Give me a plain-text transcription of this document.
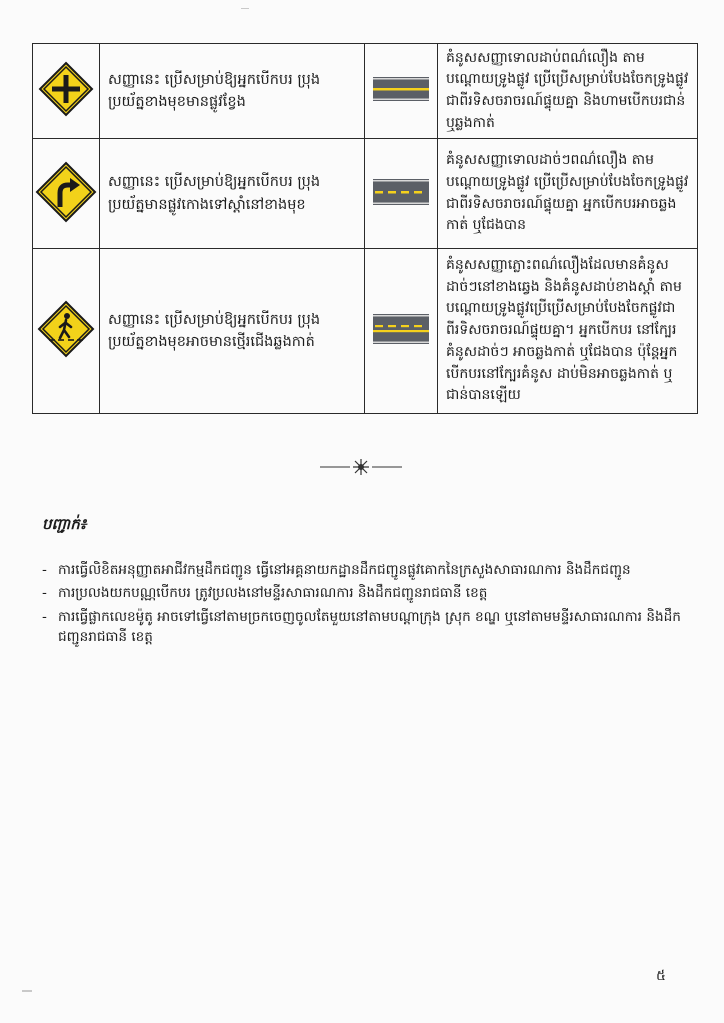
	សញ្ញានេះ ប្រើសម្រាប់ឱ្យអ្នកបើកបរ ប្រុងប្រយ័ត្នខាងមុខមានផ្លូវខ្វែង		គំនូសសញ្ញាទោលដាប់ពណ៌លឿង តាមបណ្តោយទ្រូងផ្លូវ ប្រើប្រើសម្រាប់បែងចែកទ្រូងផ្លូវជាពីរទិសចរាចរណ៍ផ្ទុយគ្នា និងហាមបើកបរជាន់ ឬឆ្លងកាត់
	សញ្ញានេះ ប្រើសម្រាប់ឱ្យអ្នកបើកបរ ប្រុងប្រយ័ត្នមានផ្លូវកោងទៅស្តាំនៅខាងមុខ		គំនូសសញ្ញាទោលដាច់ៗពណ៌លឿង តាមបណ្តោយទ្រូងផ្លូវ ប្រើប្រើសម្រាប់បែងចែកទ្រូងផ្លូវជាពីរទិសចរាចរណ៍ផ្ទុយគ្នា អ្នកបើកបរអាចឆ្លងកាត់ ឬជែងបាន
	សញ្ញានេះ ប្រើសម្រាប់ឱ្យអ្នកបើកបរ ប្រុងប្រយ័ត្នខាងមុខអាចមានថ្មើរជើងឆ្លងកាត់		គំនូសសញ្ញាភ្លោះពណ៌លឿងដែលមានគំនូសដាច់ៗនៅខាងឆ្វេង និងគំនូសដាប់ខាងស្តាំ តាមបណ្តោយទ្រូងផ្លូវប្រើប្រើសម្រាប់បែងចែកផ្លូវជាពីរទិសចរាចរណ៍ផ្ទុយគ្នា។ អ្នកបើកបរ នៅក្បែរគំនូសដាច់ៗ អាចឆ្លងកាត់ ឬជែងបាន ប៉ុន្តែអ្នកបើកបរនៅក្បែរគំនូស ដាប់មិនអាចឆ្លងកាត់ ឬជាន់បានឡើយ

បញ្ជាក់៖

- ការធ្វើលិខិតអនុញ្ញាតអាជីវកម្មដឹកជញ្ជូន ធ្វើនៅអគ្គនាយកដ្ឋានដឹកជញ្ជូនផ្លូវគោកនៃក្រសួងសាធារណការ និងដឹកជញ្ជូន
- ការប្រលងយកបណ្ណបើកបរ ត្រូវប្រលងនៅមន្ទីរសាធារណការ និងដឹកជញ្ជូនរាជធានី ខេត្ត
- ការធ្វើផ្លាកលេខម៉ូតូ អាចទៅធ្វើនៅតាមច្រកចេញចូលតែមួយនៅតាមបណ្តាក្រុង ស្រុក ខណ្ឌ ឬនៅតាមមន្ទីរសាធារណការ និងដឹកជញ្ជូនរាជធានី ខេត្ត
៥
